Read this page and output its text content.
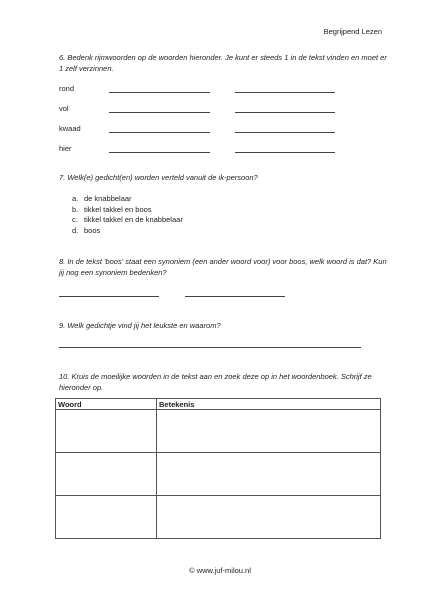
Begrijpend Lezen
6. Bedenk rijmwoorden op de woorden hieronder. Je kunt er steeds 1 in de tekst vinden en moet er 1 zelf verzinnen.
rond
vol
kwaad
hier
7. Welk(e) gedicht(en) worden verteld vanuit de ik-persoon?
a. de knabbelaar
b. tikkel takkel en boos
c. tikkel takkel en de knabbelaar
d. boos
8. In de tekst 'boos' staat een synoniem (een ander woord voor) voor boos, welk woord is dat? Kun jij nog een synoniem bedenken?
9. Welk gedichtje vind jij het leukste en waarom?
10. Kruis de moeilijke woorden in de tekst aan en zoek deze op in het woordenboek. Schrijf ze hieronder op.
Woord	Betekenis

© www.juf-milou.nl
